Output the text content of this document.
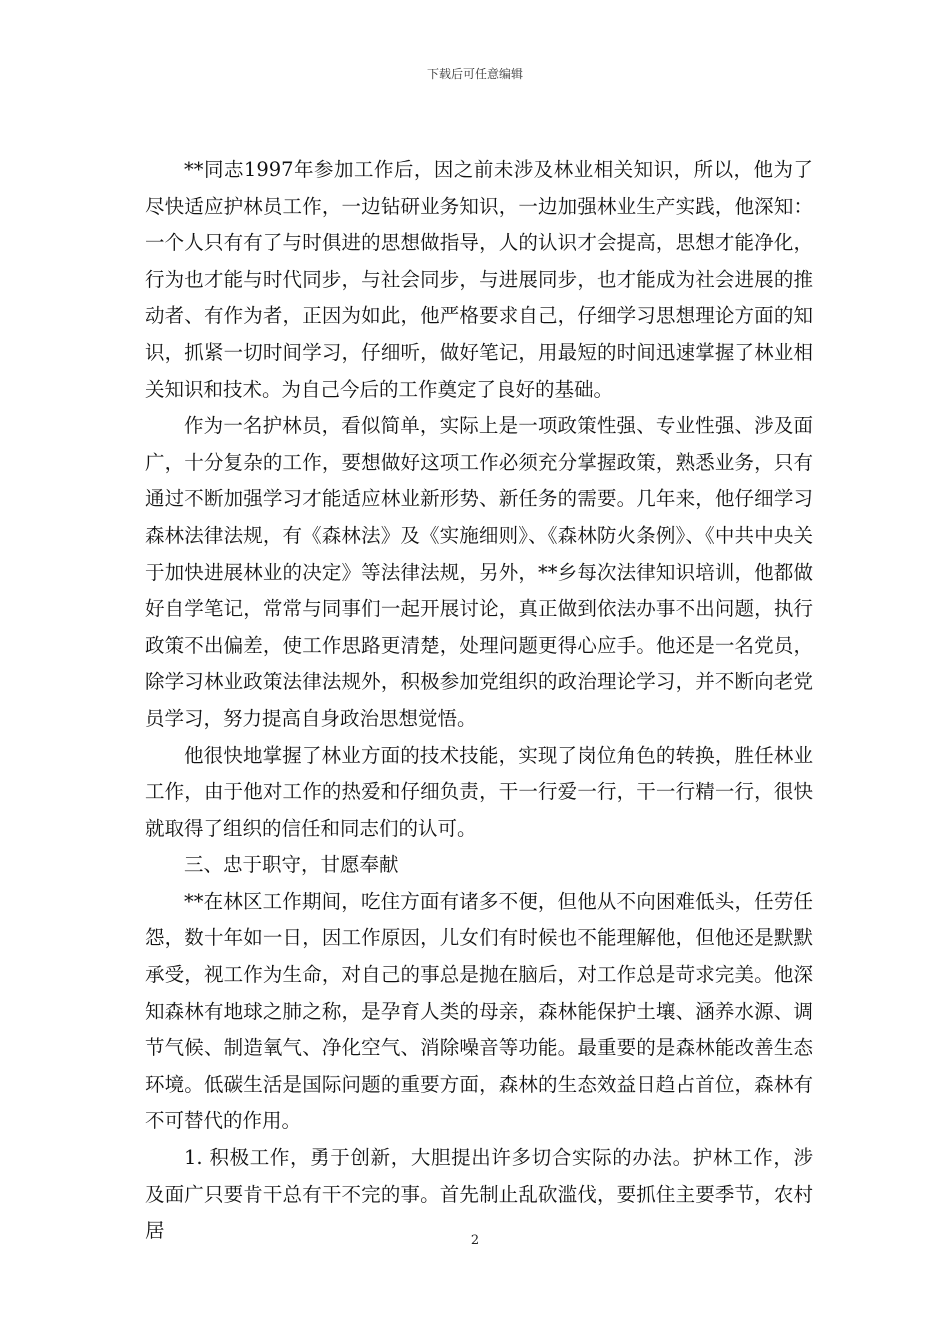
下载后可任意编辑

**同志1997年参加工作后，因之前未涉及林业相关知识，所以，他为了尽快适应护林员工作，一边钻研业务知识，一边加强林业生产实践，他深知：一个人只有有了与时俱进的思想做指导，人的认识才会提高，思想才能净化，行为也才能与时代同步，与社会同步，与进展同步，也才能成为社会进展的推动者、有作为者，正因为如此，他严格要求自己，仔细学习思想理论方面的知识，抓紧一切时间学习，仔细听，做好笔记，用最短的时间迅速掌握了林业相关知识和技术。为自己今后的工作奠定了良好的基础。

作为一名护林员，看似简单，实际上是一项政策性强、专业性强、涉及面广，十分复杂的工作，要想做好这项工作必须充分掌握政策，熟悉业务，只有通过不断加强学习才能适应林业新形势、新任务的需要。几年来，他仔细学习森林法律法规，有《森林法》及《实施细则》、《森林防火条例》、《中共中央关于加快进展林业的决定》等法律法规，另外，**乡每次法律知识培训，他都做好自学笔记，常常与同事们一起开展讨论，真正做到依法办事不出问题，执行政策不出偏差，使工作思路更清楚，处理问题更得心应手。他还是一名党员，除学习林业政策法律法规外，积极参加党组织的政治理论学习，并不断向老党员学习，努力提高自身政治思想觉悟。

他很快地掌握了林业方面的技术技能，实现了岗位角色的转换，胜任林业工作，由于他对工作的热爱和仔细负责，干一行爱一行，干一行精一行，很快就取得了组织的信任和同志们的认可。

三、忠于职守，甘愿奉献

**在林区工作期间，吃住方面有诸多不便，但他从不向困难低头，任劳任怨，数十年如一日，因工作原因，儿女们有时候也不能理解他，但他还是默默承受，视工作为生命，对自己的事总是抛在脑后，对工作总是苛求完美。他深知森林有地球之肺之称，是孕育人类的母亲，森林能保护土壤、涵养水源、调节气候、制造氧气、净化空气、消除噪音等功能。最重要的是森林能改善生态环境。低碳生活是国际问题的重要方面，森林的生态效益日趋占首位，森林有不可替代的作用。

1. 积极工作，勇于创新，大胆提出许多切合实际的办法。护林工作，涉及面广只要肯干总有干不完的事。首先制止乱砍滥伐，要抓住主要季节，农村居	2
